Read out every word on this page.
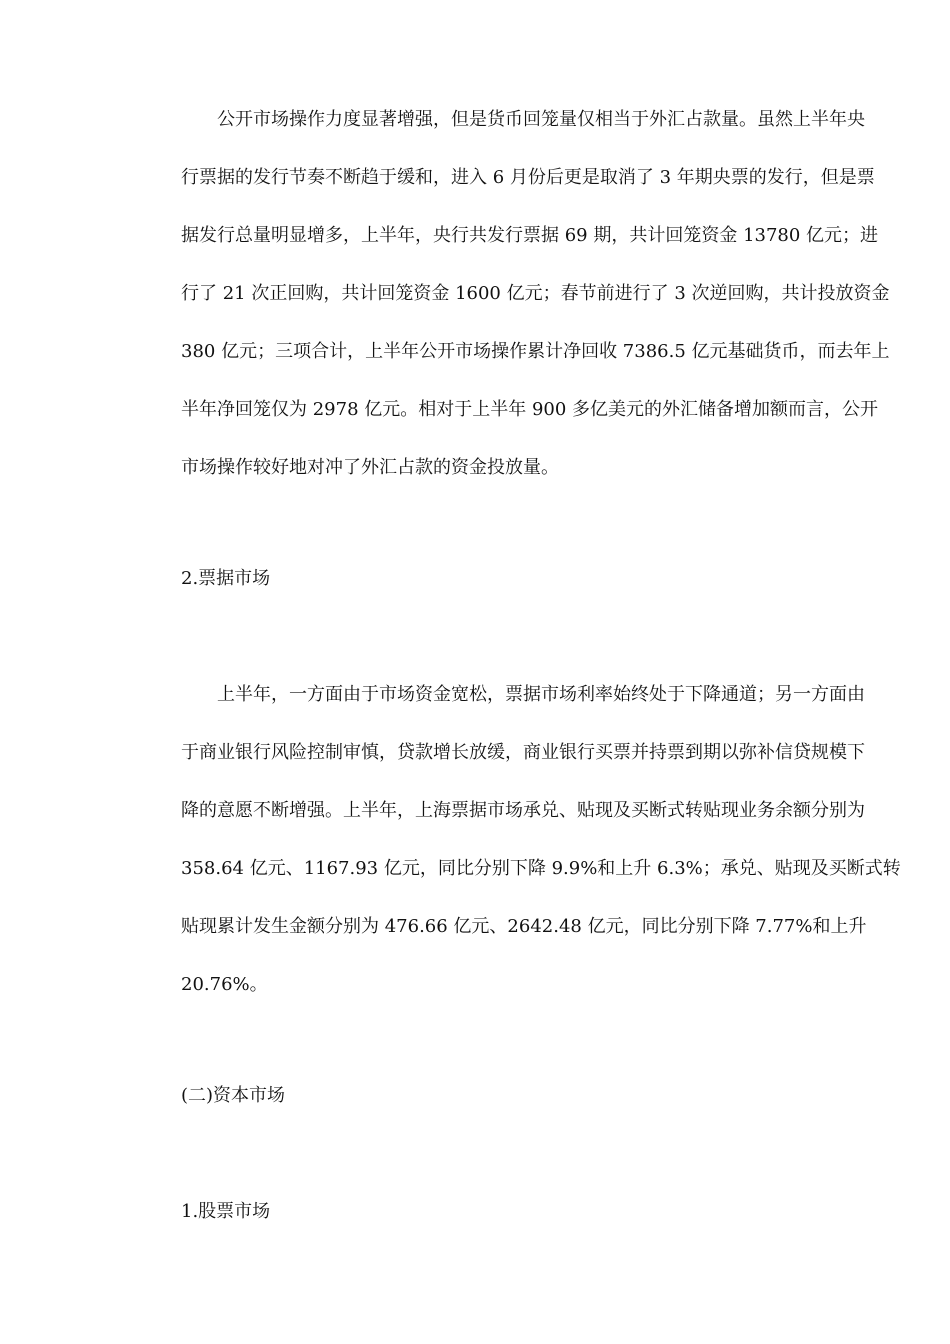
公开市场操作力度显著增强，但是货币回笼量仅相当于外汇占款量。虽然上半年央
行票据的发行节奏不断趋于缓和，进入 6 月份后更是取消了 3 年期央票的发行，但是票
据发行总量明显增多，上半年，央行共发行票据 69 期，共计回笼资金 13780 亿元；进
行了 21 次正回购，共计回笼资金 1600 亿元；春节前进行了 3 次逆回购，共计投放资金
380 亿元；三项合计，上半年公开市场操作累计净回收 7386.5 亿元基础货币，而去年上
半年净回笼仅为 2978 亿元。相对于上半年 900 多亿美元的外汇储备增加额而言，公开
市场操作较好地对冲了外汇占款的资金投放量。
2.票据市场
上半年，一方面由于市场资金宽松，票据市场利率始终处于下降通道；另一方面由
于商业银行风险控制审慎，贷款增长放缓，商业银行买票并持票到期以弥补信贷规模下
降的意愿不断增强。上半年，上海票据市场承兑、贴现及买断式转贴现业务余额分别为
358.64 亿元、1167.93 亿元，同比分别下降 9.9%和上升 6.3%；承兑、贴现及买断式转
贴现累计发生金额分别为 476.66 亿元、2642.48 亿元，同比分别下降 7.77%和上升
20.76%。
(二)资本市场
1.股票市场
